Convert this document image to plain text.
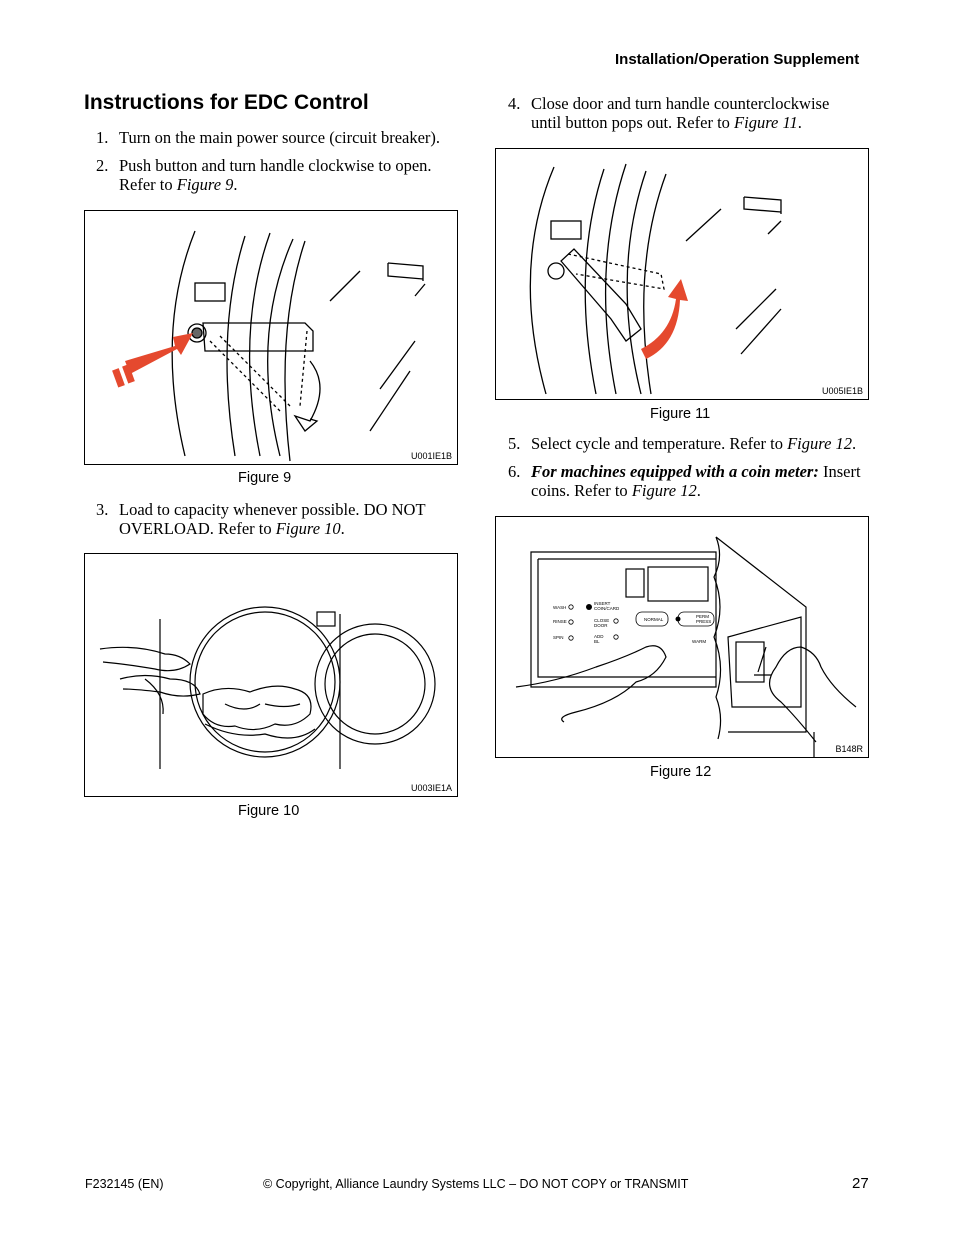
Installation/Operation Supplement
Instructions for EDC Control
1. Turn on the main power source (circuit breaker).
2. Push button and turn handle clockwise to open.
Refer to Figure 9.
U001IE1B
Figure 9
3. Load to capacity whenever possible. DO NOT
OVERLOAD. Refer to Figure 10.
U003IE1A
Figure 10
4. Close door and turn handle counterclockwise
until button pops out. Refer to Figure 11.
U005IE1B
Figure 11
5. Select cycle and temperature. Refer to Figure 12.
6. For machines equipped with a coin meter: Insert
coins. Refer to Figure 12.
WASH
RINSE
SPIN
INSERT
COIN/CARD
CLOSE
DOOR
ADD
BL
NORMAL
PERM
PRESS
WARM
B148R
Figure 12
F232145 (EN)	© Copyright, Alliance Laundry Systems LLC – DO NOT COPY or TRANSMIT	27
